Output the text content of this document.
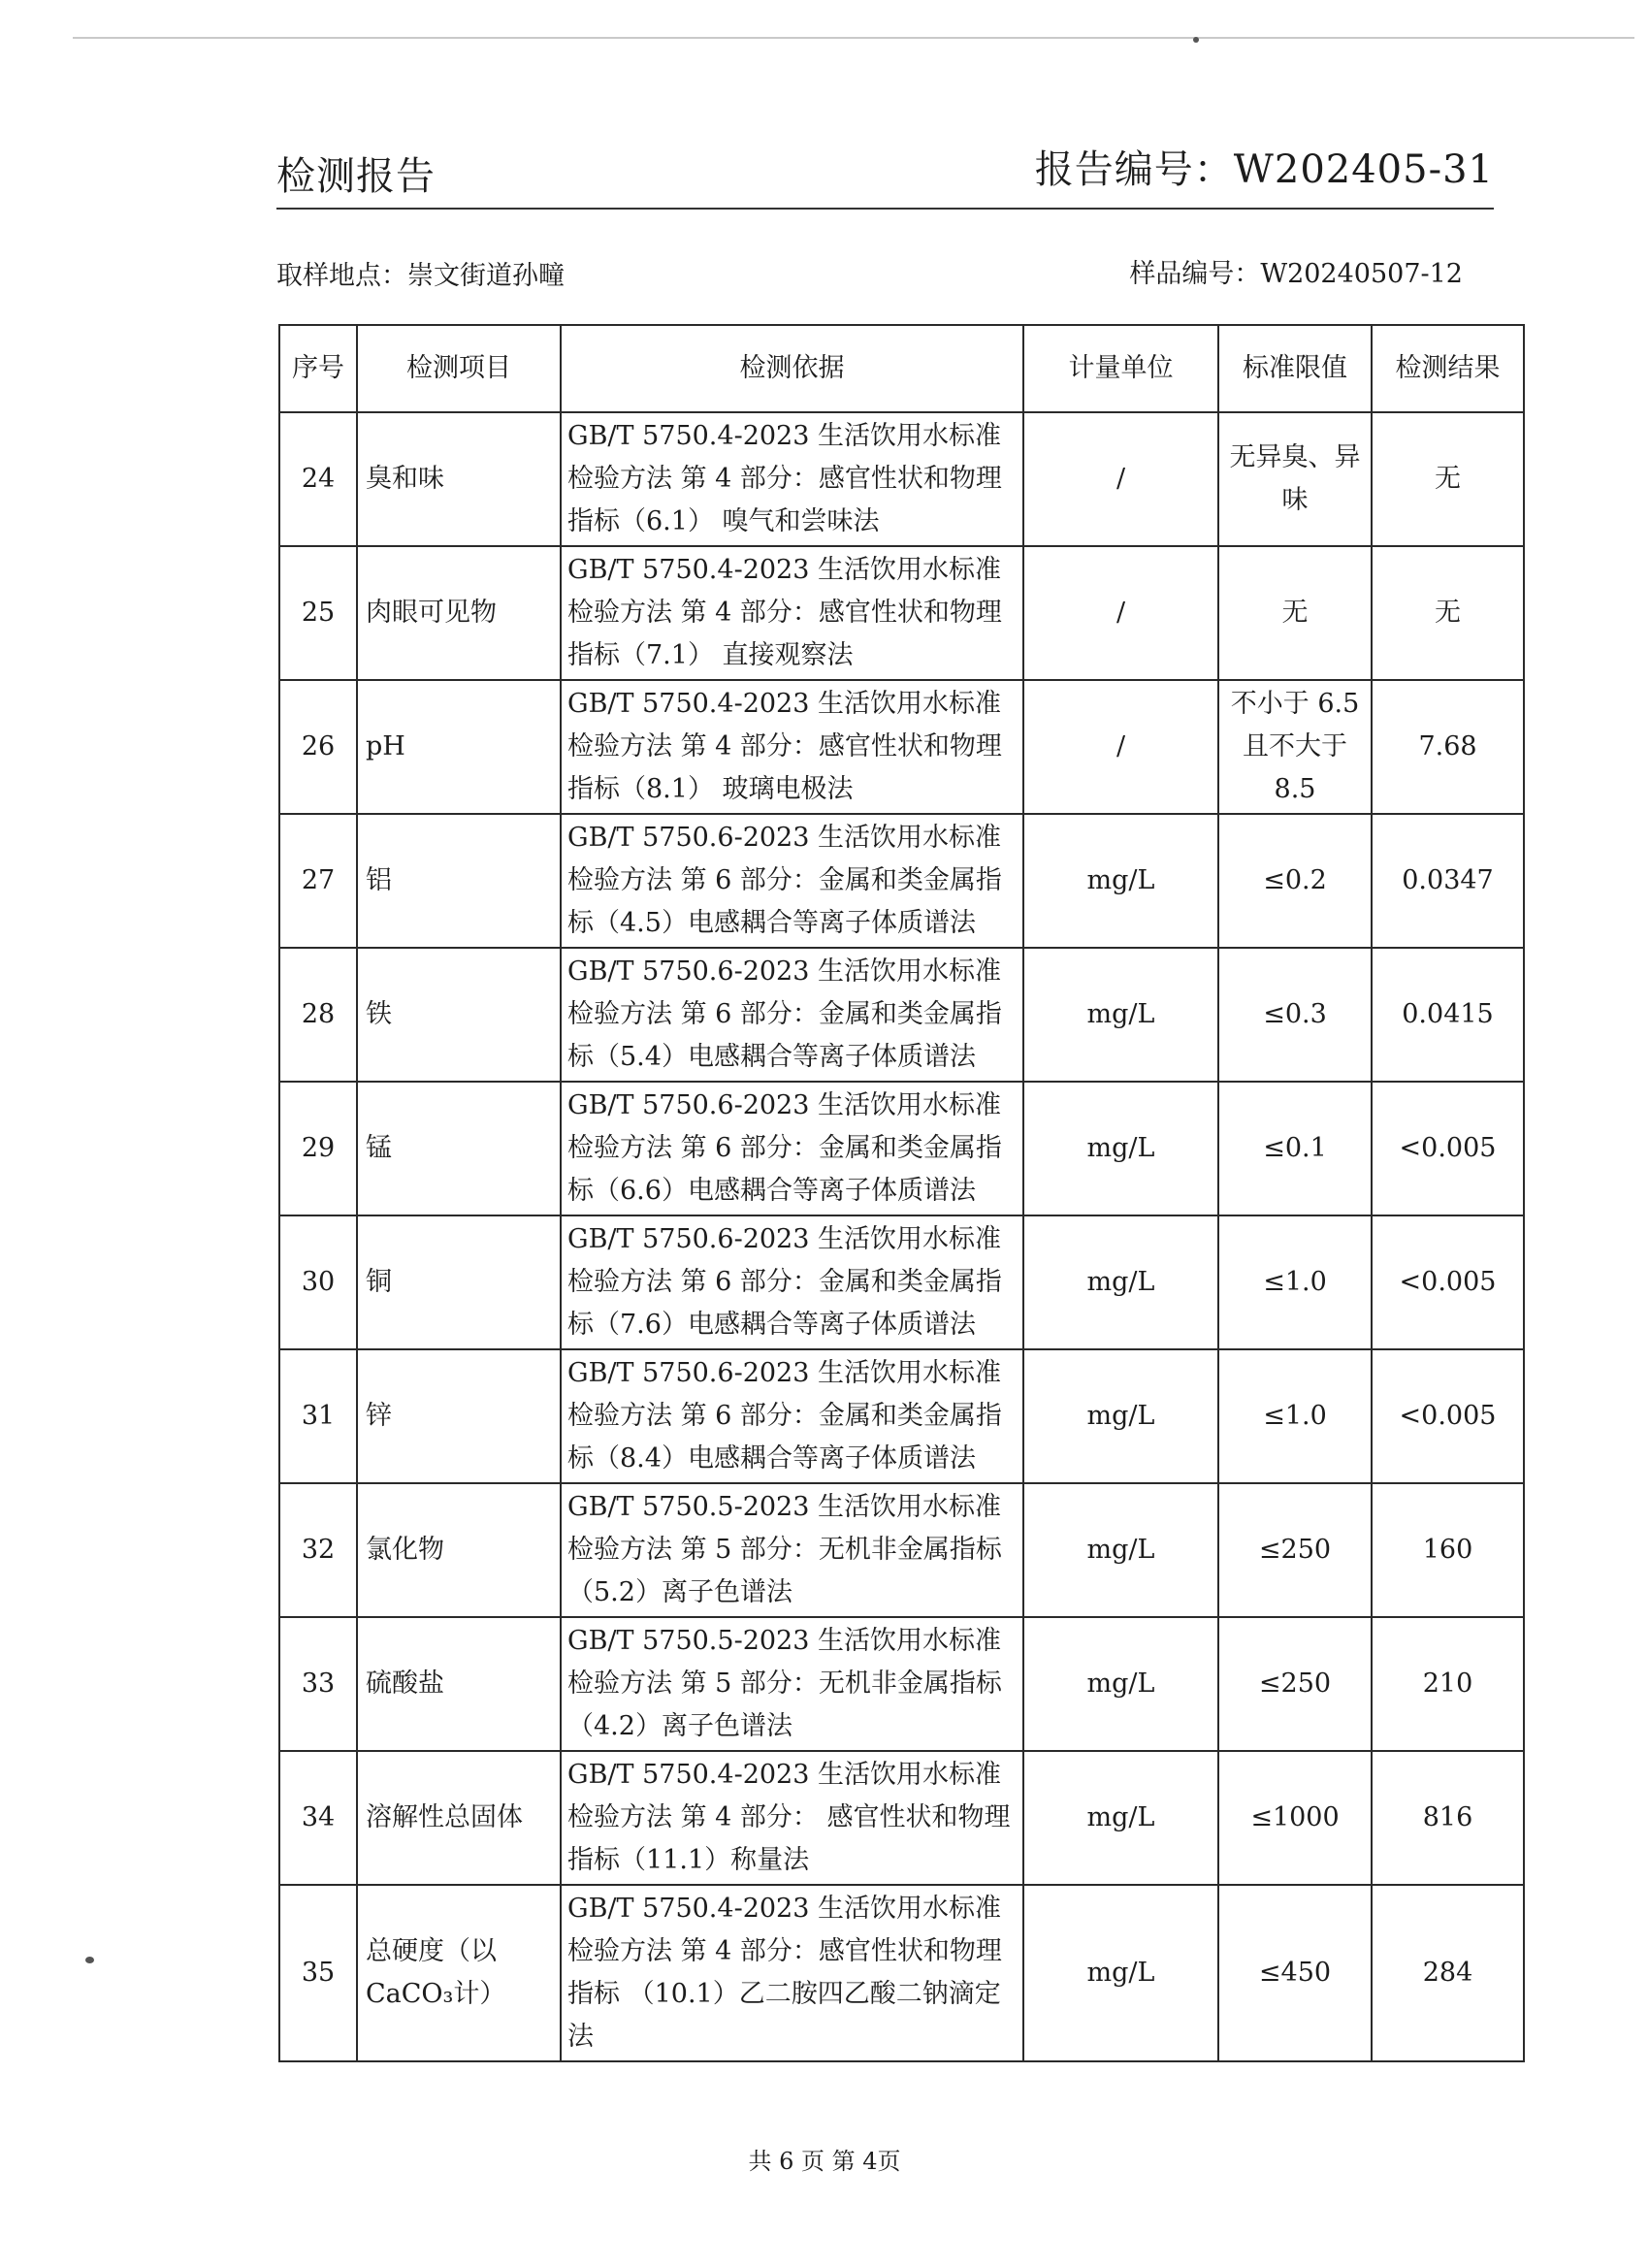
检测报告	报告编号：W202405-31
取样地点：崇文街道孙疃	样品编号：W20240507-12
序号	检测项目	检测依据	计量单位	标准限值	检测结果
24	臭和味	GB/T 5750.4-2023 生活饮用水标准检验方法 第 4 部分：感官性状和物理指标（6.1） 嗅气和尝味法	/	无异臭、异味	无
25	肉眼可见物	GB/T 5750.4-2023 生活饮用水标准检验方法 第 4 部分：感官性状和物理指标（7.1） 直接观察法	/	无	无
26	pH	GB/T 5750.4-2023 生活饮用水标准检验方法 第 4 部分：感官性状和物理指标（8.1） 玻璃电极法	/	不小于 6.5 且不大于 8.5	7.68
27	铝	GB/T 5750.6-2023 生活饮用水标准检验方法 第 6 部分：金属和类金属指标（4.5）电感耦合等离子体质谱法	mg/L	≤0.2	0.0347
28	铁	GB/T 5750.6-2023 生活饮用水标准检验方法 第 6 部分：金属和类金属指标（5.4）电感耦合等离子体质谱法	mg/L	≤0.3	0.0415
29	锰	GB/T 5750.6-2023 生活饮用水标准检验方法 第 6 部分：金属和类金属指标（6.6）电感耦合等离子体质谱法	mg/L	≤0.1	<0.005
30	铜	GB/T 5750.6-2023 生活饮用水标准检验方法 第 6 部分：金属和类金属指标（7.6）电感耦合等离子体质谱法	mg/L	≤1.0	<0.005
31	锌	GB/T 5750.6-2023 生活饮用水标准检验方法 第 6 部分：金属和类金属指标（8.4）电感耦合等离子体质谱法	mg/L	≤1.0	<0.005
32	氯化物	GB/T 5750.5-2023 生活饮用水标准检验方法 第 5 部分：无机非金属指标（5.2）离子色谱法	mg/L	≤250	160
33	硫酸盐	GB/T 5750.5-2023 生活饮用水标准检验方法 第 5 部分：无机非金属指标（4.2）离子色谱法	mg/L	≤250	210
34	溶解性总固体	GB/T 5750.4-2023 生活饮用水标准检验方法 第 4 部分： 感官性状和物理指标（11.1）称量法	mg/L	≤1000	816
35	总硬度（以 CaCO₃计）	GB/T 5750.4-2023 生活饮用水标准检验方法 第 4 部分：感官性状和物理指标 （10.1）乙二胺四乙酸二钠滴定法	mg/L	≤450	284
共 6 页 第 4页
